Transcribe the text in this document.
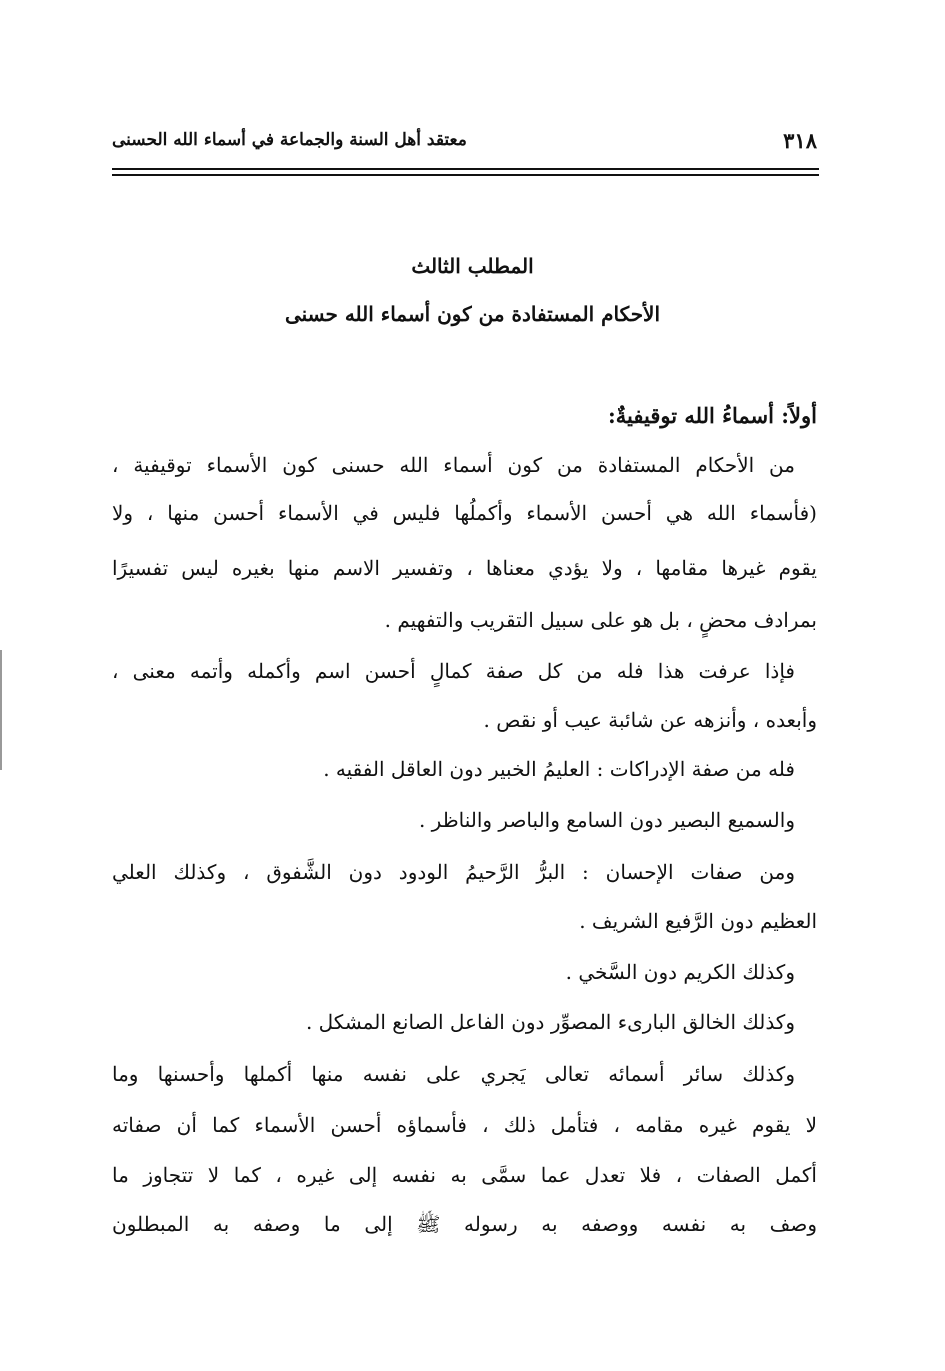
٣١٨
معتقد أهل السنة والجماعة في أسماء الله الحسنى
المطلب الثالث
الأحكام المستفادة من كون أسماء الله حسنى
أولاً: أسماءُ الله توقيفيةٌ:
من الأحكام المستفادة من كون أسماء الله حسنى كون الأسماء توقيفية ،
(فأسماء الله هي أحسن الأسماء وأكملُها فليس في الأسماء أحسن منها ، ولا
يقوم غيرها مقامها ، ولا يؤدي معناها ، وتفسير الاسم منها بغيره ليس تفسيرًا
بمرادف محضٍ ، بل هو على سبيل التقريب والتفهيم .
فإذا عرفت هذا فله من كل صفة كمالٍ أحسن اسم وأكمله وأتمه معنى ،
وأبعده ، وأنزهه عن شائبة عيب أو نقص .
فله من صفة الإدراكات : العليمُ الخبير دون العاقل الفقيه .
والسميع البصير دون السامع والباصر والناظر .
ومن صفات الإحسان : البرُّ الرَّحيمُ الودود دون الشَّفوق ، وكذلك العلي
العظيم دون الرَّفيع الشريف .
وكذلك الكريم دون السَّخي .
وكذلك الخالق البارىء المصوِّر دون الفاعل الصانع المشكل .
وكذلك سائر أسمائه تعالى يَجري على نفسه منها أكملها وأحسنها وما
لا يقوم غيره مقامه ، فتأمل ذلك ، فأسماؤه أحسن الأسماء كما أن صفاته
أكمل الصفات ، فلا تعدل عما سمَّى به نفسه إلى غيره ، كما لا تتجاوز ما
وصف به نفسه ووصفه به رسوله ﷺ إلى ما وصفه به المبطلون
